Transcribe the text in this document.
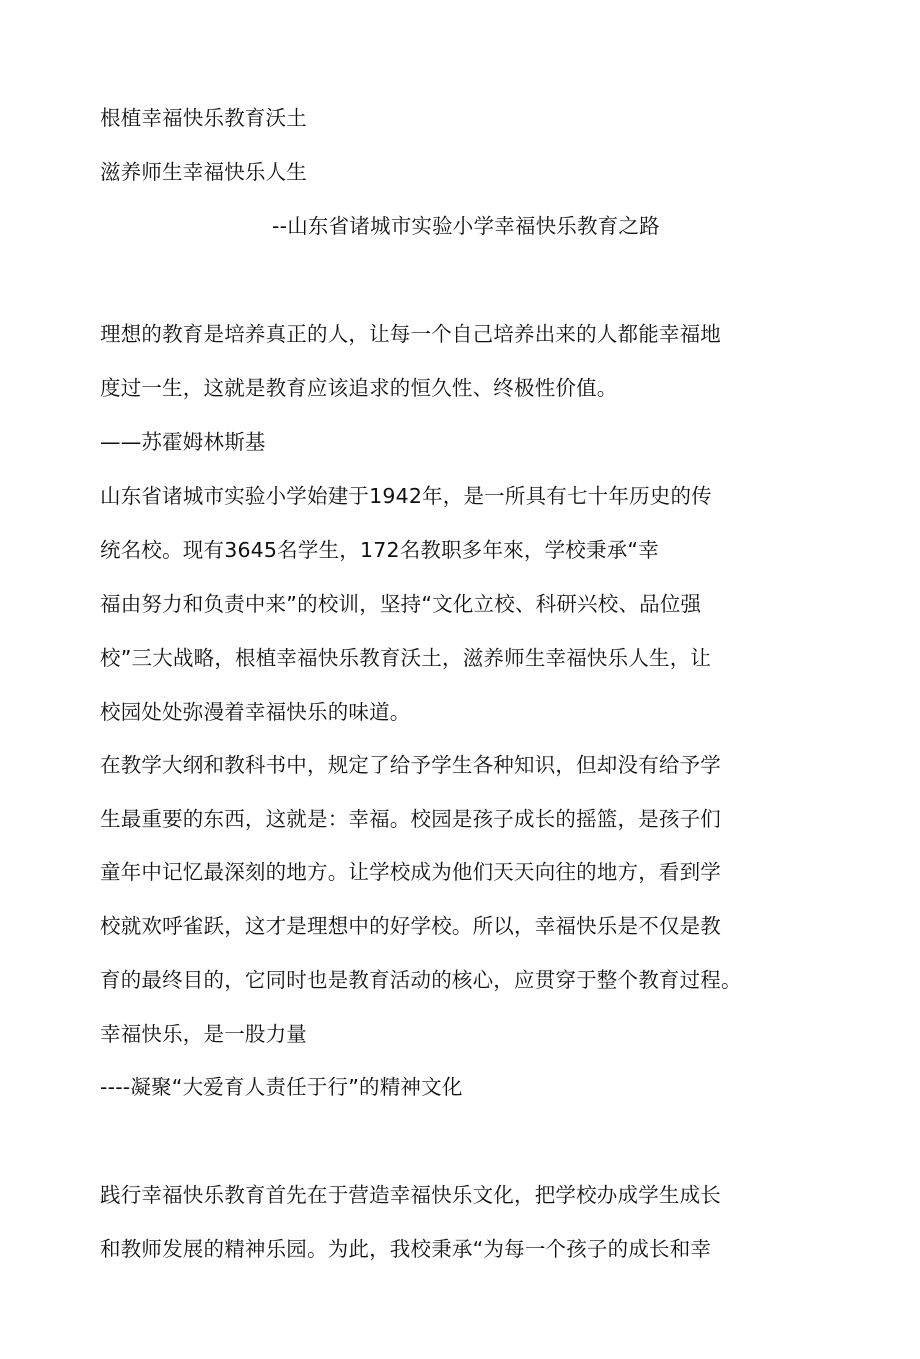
根植幸福快乐教育沃土
滋养师生幸福快乐人生
--山东省诸城市实验小学幸福快乐教育之路
理想的教育是培养真正的人，让每一个自己培养出来的人都能幸福地
度过一生，这就是教育应该追求的恒久性、终极性价值。
——苏霍姆林斯基
山东省诸城市实验小学始建于1942年，是一所具有七十年历史的传
统名校。现有3645名学生，172名教职多年來，学校秉承“幸
福由努力和负责中来”的校训，坚持“文化立校、科研兴校、品位强
校”三大战略，根植幸福快乐教育沃土，滋养师生幸福快乐人生，让
校园处处弥漫着幸福快乐的味道。
在教学大纲和教科书中，规定了给予学生各种知识，但却没有给予学
生最重要的东西，这就是：幸福。校园是孩子成长的摇篮，是孩子们
童年中记忆最深刻的地方。让学校成为他们天天向往的地方，看到学
校就欢呼雀跃，这才是理想中的好学校。所以，幸福快乐是不仅是教
育的最终目的，它同时也是教育活动的核心，应贯穿于整个教育过程。
幸福快乐，是一股力量
----凝聚“大爱育人责任于行”的精神文化
践行幸福快乐教育首先在于营造幸福快乐文化，把学校办成学生成长
和教师发展的精神乐园。为此，我校秉承“为每一个孩子的成长和幸
